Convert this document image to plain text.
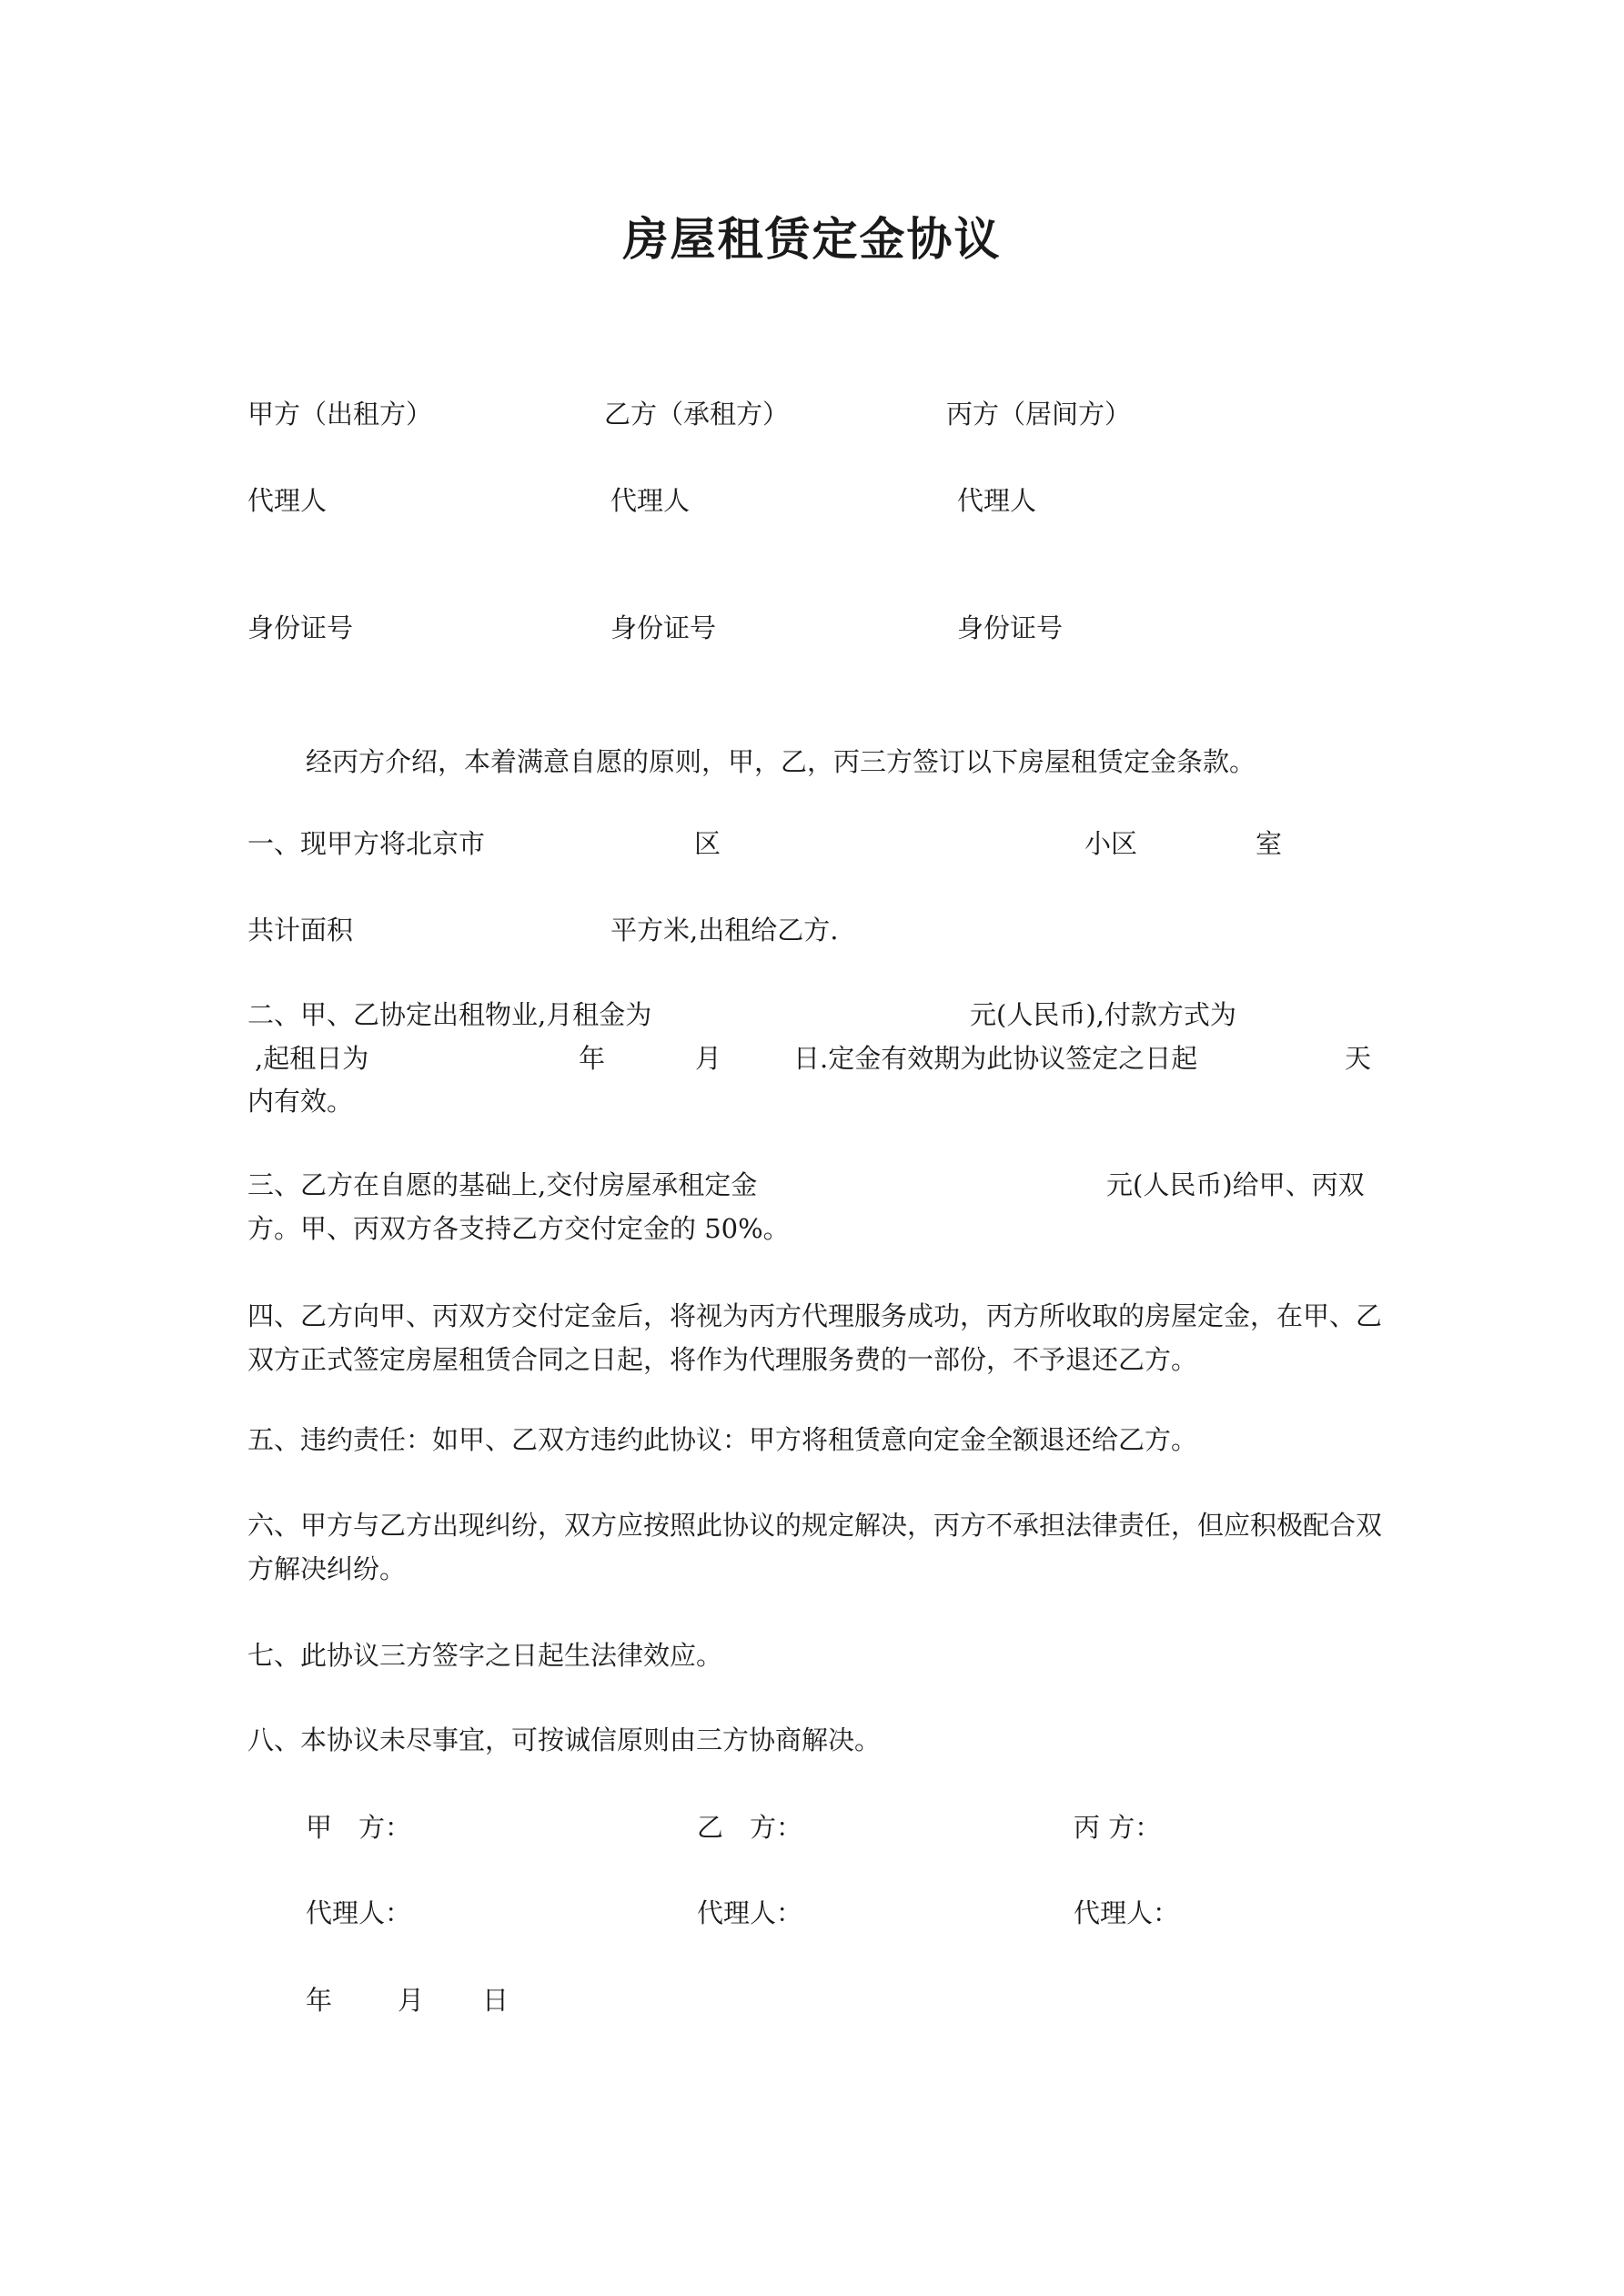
房屋租赁定金协议
甲方（出租方）	乙方（承租方）	丙方（居间方）
代理人	代理人	代理人
身份证号	身份证号	身份证号
经丙方介绍，本着满意自愿的原则，甲，乙，丙三方签订以下房屋租赁定金条款。
一、现甲方将北京市	区	小区	室
共计面积	平方米,出租给乙方.
二、甲、乙协定出租物业,月租金为	元(人民币),付款方式为
,起租日为	年	月	日.定金有效期为此协议签定之日起	天
内有效。
三、乙方在自愿的基础上,交付房屋承租定金	元(人民币)给甲、丙双
方。甲、丙双方各支持乙方交付定金的 50%。
四、乙方向甲、丙双方交付定金后，将视为丙方代理服务成功，丙方所收取的房屋定金，在甲、乙双方正式签定房屋租赁合同之日起，将作为代理服务费的一部份，不予退还乙方。
五、违约责任：如甲、乙双方违约此协议：甲方将租赁意向定金全额退还给乙方。
六、甲方与乙方出现纠纷，双方应按照此协议的规定解决，丙方不承担法律责任，但应积极配合双方解决纠纷。
七、此协议三方签字之日起生法律效应。
八、本协议未尽事宜，可按诚信原则由三方协商解决。
甲　方：	乙　方：	丙 方：
代理人：	代理人：	代理人：
年 月 日
